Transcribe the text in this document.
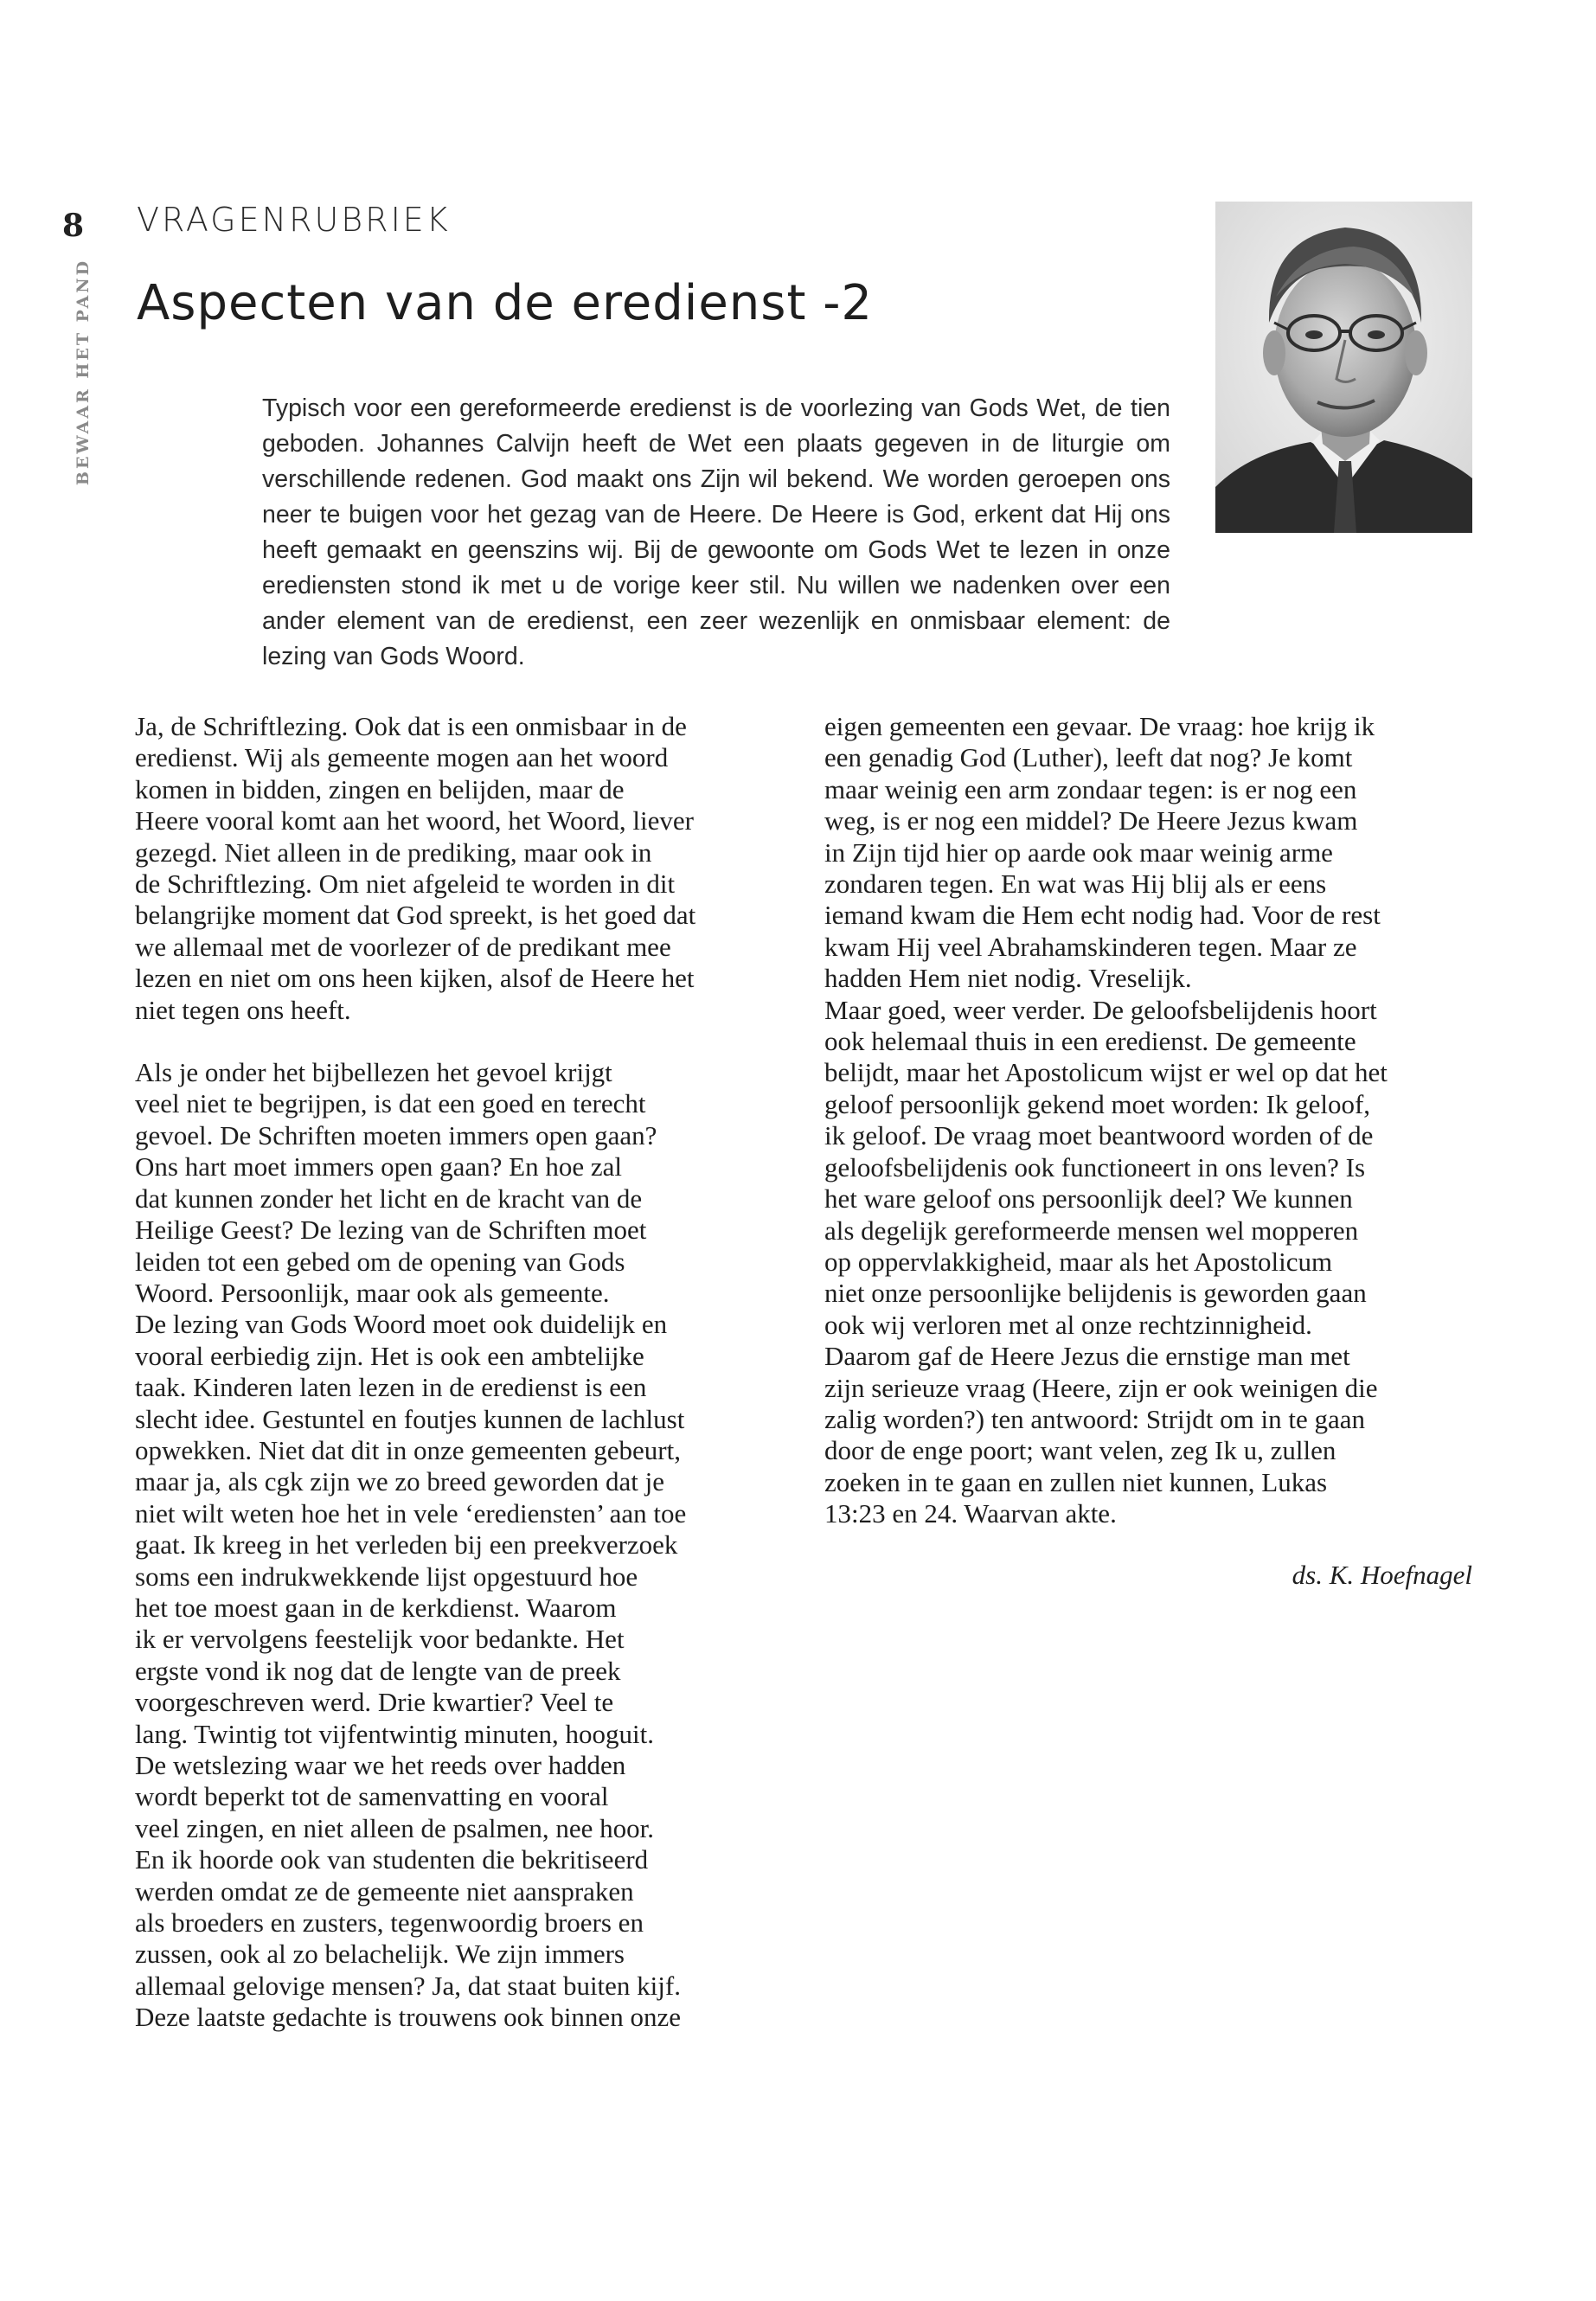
8
BEWAAR HET PAND
VRAGENRUBRIEK
Aspecten van de eredienst -2

Typisch voor een gereformeerde eredienst is de voorlezing van Gods Wet, de tien geboden. Johannes Calvijn heeft de Wet een plaats gegeven in de liturgie om verschillende redenen. God maakt ons Zijn wil bekend. We worden geroepen ons neer te buigen voor het gezag van de Heere. De Heere is God, erkent dat Hij ons heeft gemaakt en geenszins wij. Bij de gewoonte om Gods Wet te lezen in onze erediensten stond ik met u de vorige keer stil. Nu willen we nadenken over een ander element van de eredienst, een zeer wezenlijk en onmisbaar element: de lezing van Gods Woord.

Ja, de Schriftlezing. Ook dat is een onmisbaar in de
eredienst. Wij als gemeente mogen aan het woord
komen in bidden, zingen en belijden, maar de
Heere vooral komt aan het woord, het Woord, liever
gezegd. Niet alleen in de prediking, maar ook in
de Schriftlezing. Om niet afgeleid te worden in dit
belangrijke moment dat God spreekt, is het goed dat
we allemaal met de voorlezer of de predikant mee
lezen en niet om ons heen kijken, alsof de Heere het
niet tegen ons heeft.

Als je onder het bijbellezen het gevoel krijgt
veel niet te begrijpen, is dat een goed en terecht
gevoel. De Schriften moeten immers open gaan?
Ons hart moet immers open gaan? En hoe zal
dat kunnen zonder het licht en de kracht van de
Heilige Geest? De lezing van de Schriften moet
leiden tot een gebed om de opening van Gods
Woord. Persoonlijk, maar ook als gemeente.
De lezing van Gods Woord moet ook duidelijk en
vooral eerbiedig zijn. Het is ook een ambtelijke
taak. Kinderen laten lezen in de eredienst is een
slecht idee. Gestuntel en foutjes kunnen de lachlust
opwekken. Niet dat dit in onze gemeenten gebeurt,
maar ja, als cgk zijn we zo breed geworden dat je
niet wilt weten hoe het in vele ‘erediensten’ aan toe
gaat. Ik kreeg in het verleden bij een preekverzoek
soms een indrukwekkende lijst opgestuurd hoe
het toe moest gaan in de kerkdienst. Waarom
ik er vervolgens feestelijk voor bedankte. Het
ergste vond ik nog dat de lengte van de preek
voorgeschreven werd. Drie kwartier? Veel te
lang. Twintig tot vijfentwintig minuten, hooguit.
De wetslezing waar we het reeds over hadden
wordt beperkt tot de samenvatting en vooral
veel zingen, en niet alleen de psalmen, nee hoor.
En ik hoorde ook van studenten die bekritiseerd
werden omdat ze de gemeente niet aanspraken
als broeders en zusters, tegenwoordig broers en
zussen, ook al zo belachelijk. We zijn immers
allemaal gelovige mensen? Ja, dat staat buiten kijf.
Deze laatste gedachte is trouwens ook binnen onze

eigen gemeenten een gevaar. De vraag: hoe krijg ik
een genadig God (Luther), leeft dat nog? Je komt
maar weinig een arm zondaar tegen: is er nog een
weg, is er nog een middel? De Heere Jezus kwam
in Zijn tijd hier op aarde ook maar weinig arme
zondaren tegen. En wat was Hij blij als er eens
iemand kwam die Hem echt nodig had. Voor de rest
kwam Hij veel Abrahamskinderen tegen. Maar ze
hadden Hem niet nodig. Vreselijk.
Maar goed, weer verder. De geloofsbelijdenis hoort
ook helemaal thuis in een eredienst. De gemeente
belijdt, maar het Apostolicum wijst er wel op dat het
geloof persoonlijk gekend moet worden: Ik geloof,
ik geloof. De vraag moet beantwoord worden of de
geloofsbelijdenis ook functioneert in ons leven? Is
het ware geloof ons persoonlijk deel? We kunnen
als degelijk gereformeerde mensen wel mopperen
op oppervlakkigheid, maar als het Apostolicum
niet onze persoonlijke belijdenis is geworden gaan
ook wij verloren met al onze rechtzinnigheid.
Daarom gaf de Heere Jezus die ernstige man met
zijn serieuze vraag (Heere, zijn er ook weinigen die
zalig worden?) ten antwoord: Strijdt om in te gaan
door de enge poort; want velen, zeg Ik u, zullen
zoeken in te gaan en zullen niet kunnen, Lukas
13:23 en 24. Waarvan akte.

ds. K. Hoefnagel
